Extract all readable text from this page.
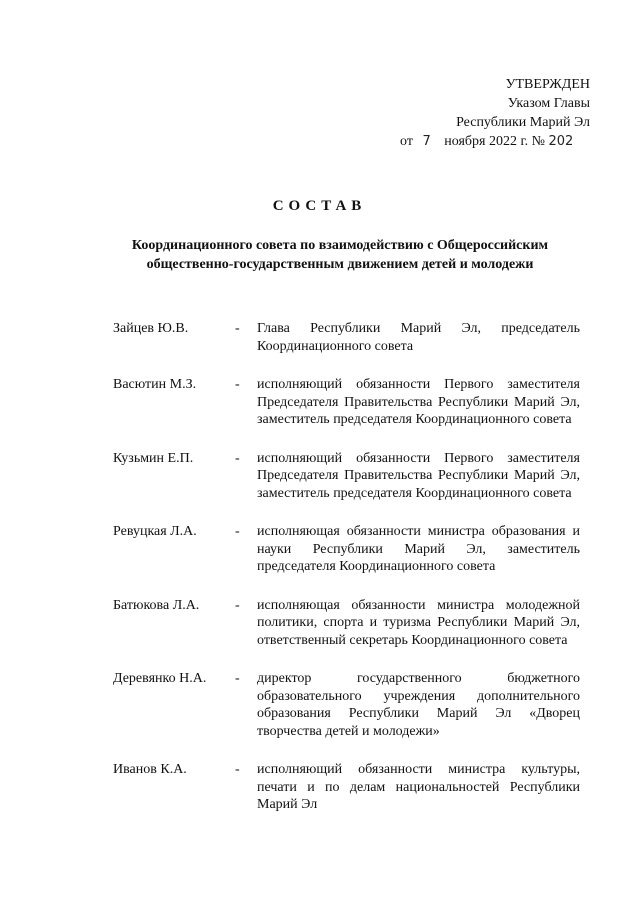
УТВЕРЖДЕН
Указом Главы
Республики Марий Эл
от 7 ноября 2022 г. № 202
СОСТАВ
Координационного совета по взаимодействию с Общероссийским общественно-государственным движением детей и молодежи
Зайцев Ю.В.	-	Глава Республики Марий Эл, председатель Координационного совета
Васютин М.З.	-	исполняющий обязанности Первого заместителя Председателя Правительства Республики Марий Эл, заместитель председателя Координационного совета
Кузьмин Е.П.	-	исполняющий обязанности Первого заместителя Председателя Правительства Республики Марий Эл, заместитель председателя Координационного совета
Ревуцкая Л.А.	-	исполняющая обязанности министра образования и науки Республики Марий Эл, заместитель председателя Координационного совета
Батюкова Л.А.	-	исполняющая обязанности министра молодежной политики, спорта и туризма Республики Марий Эл, ответственный секретарь Координационного совета
Деревянко Н.А.	-	директор государственного бюджетного образовательного учреждения дополнительного образования Республики Марий Эл «Дворец творчества детей и молодежи»
Иванов К.А.	-	исполняющий обязанности министра культуры, печати и по делам национальностей Республики Марий Эл
